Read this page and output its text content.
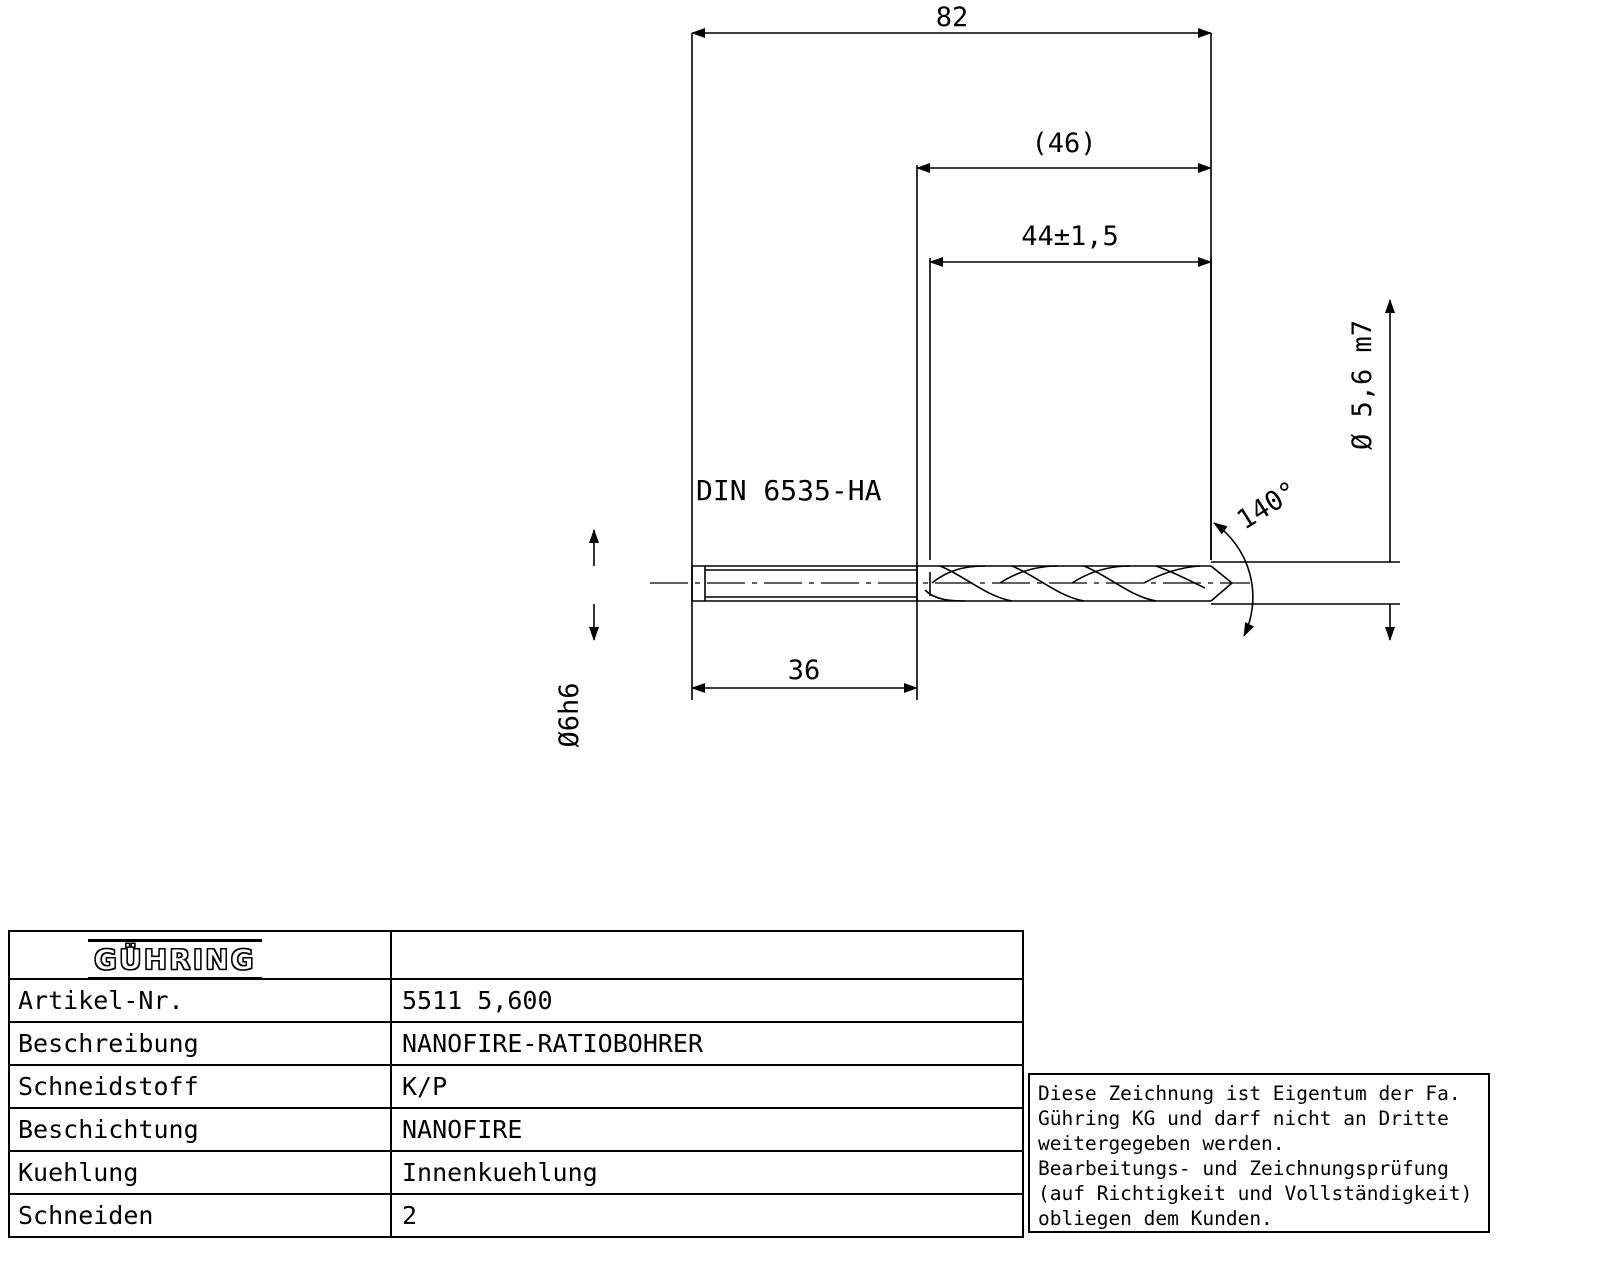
82
(46)
44±1,5
36
DIN 6535-HA
Ø 5,6 m7
Ø6h6
140°
GÜHRING
Artikel-Nr.	5511 5,600
Beschreibung	NANOFIRE-RATIOBOHRER
Schneidstoff	K/P
Beschichtung	NANOFIRE
Kuehlung	Innenkuehlung
Schneiden	2
Diese Zeichnung ist Eigentum der Fa.
Gühring KG und darf nicht an Dritte
weitergegeben werden.
Bearbeitungs- und Zeichnungsprüfung
(auf Richtigkeit und Vollständigkeit)
obliegen dem Kunden.
